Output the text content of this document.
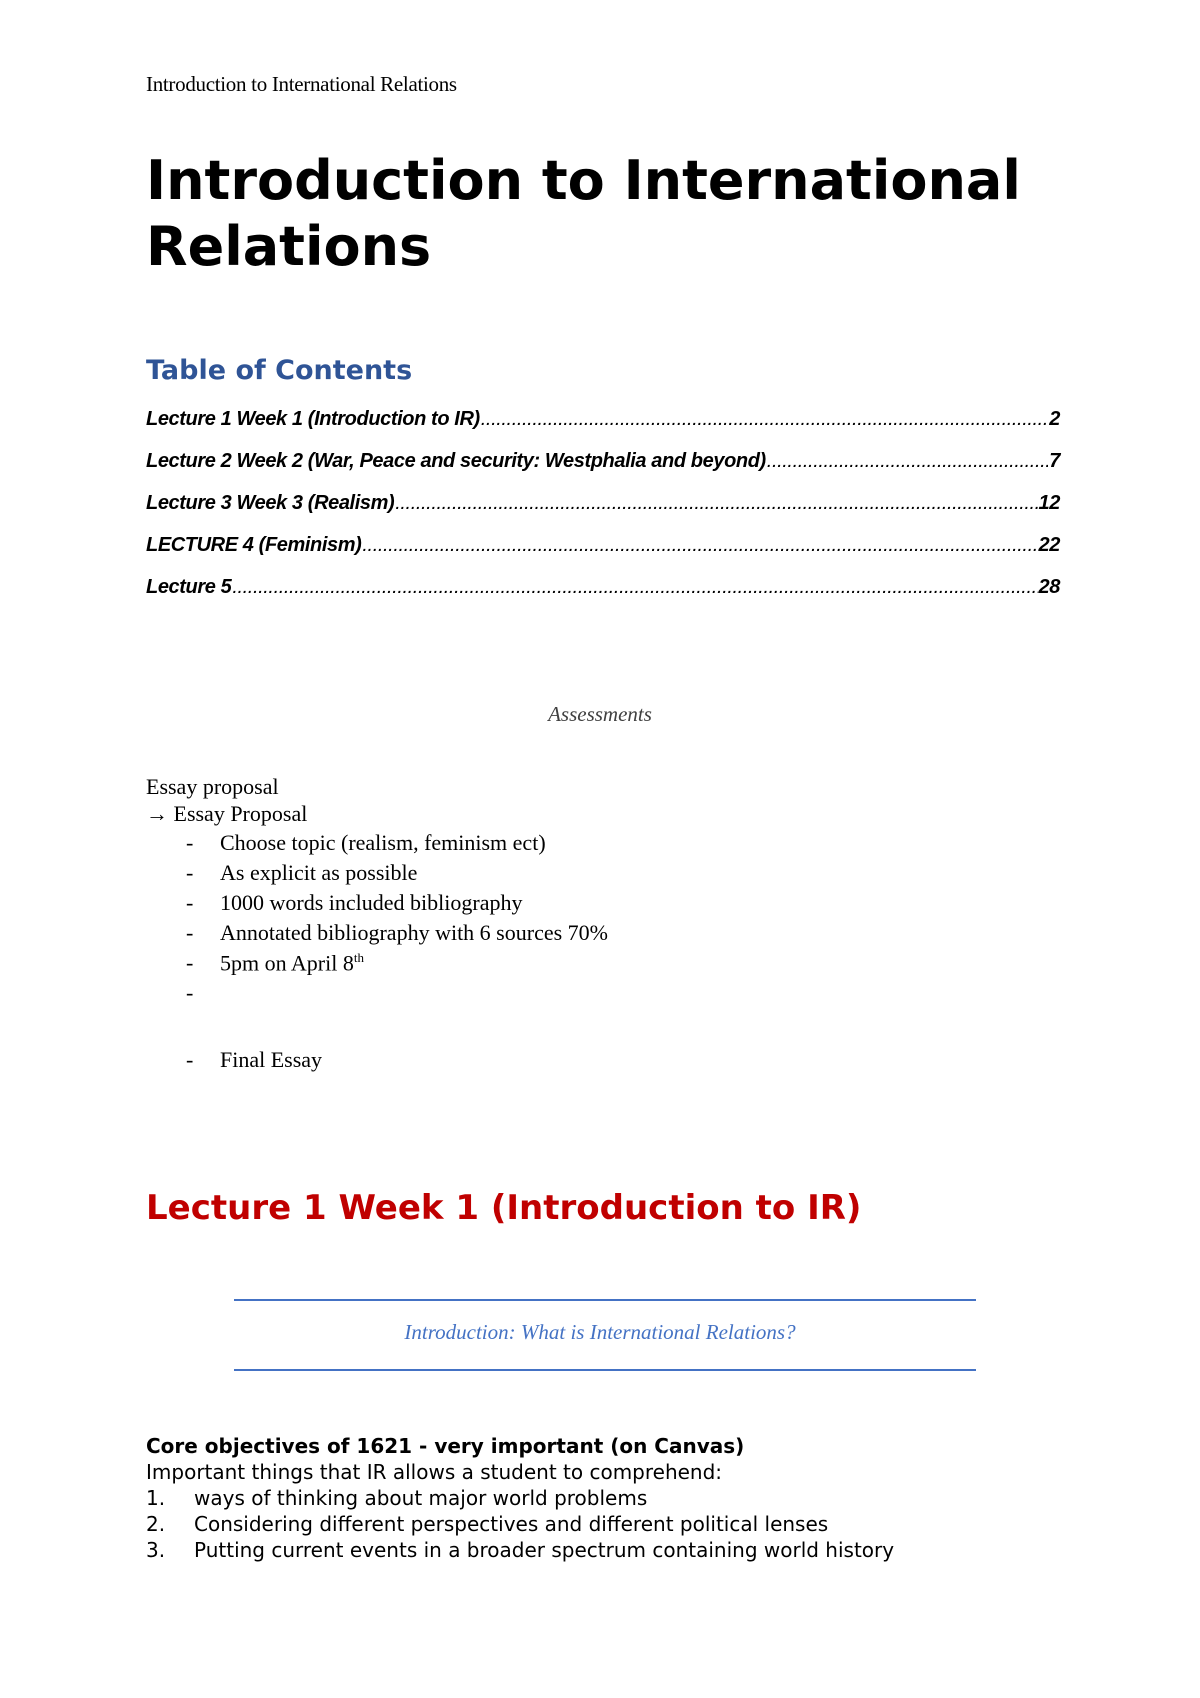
Introduction to International Relations

Introduction to International Relations
Table of Contents
Lecture 1 Week 1 (Introduction to IR) .....	2
Lecture 2 Week 2 (War, Peace and security: Westphalia and beyond) .....	7
Lecture 3 Week 3 (Realism) .....	12
LECTURE 4 (Feminism) .....	22
Lecture 5 .....	28

Assessments

Essay proposal

→ Essay Proposal

- Choose topic (realism, feminism ect)
- As explicit as possible
- 1000 words included bibliography
- Annotated bibliography with 6 sources 70%
- 5pm on April 8th
-
- Final Essay
Lecture 1 Week 1 (Introduction to IR)

Introduction: What is International Relations?

Core objectives of 1621 - very important (on Canvas)

Important things that IR allows a student to comprehend:

1. ways of thinking about major world problems
2. Considering different perspectives and different political lenses
3. Putting current events in a broader spectrum containing world history
